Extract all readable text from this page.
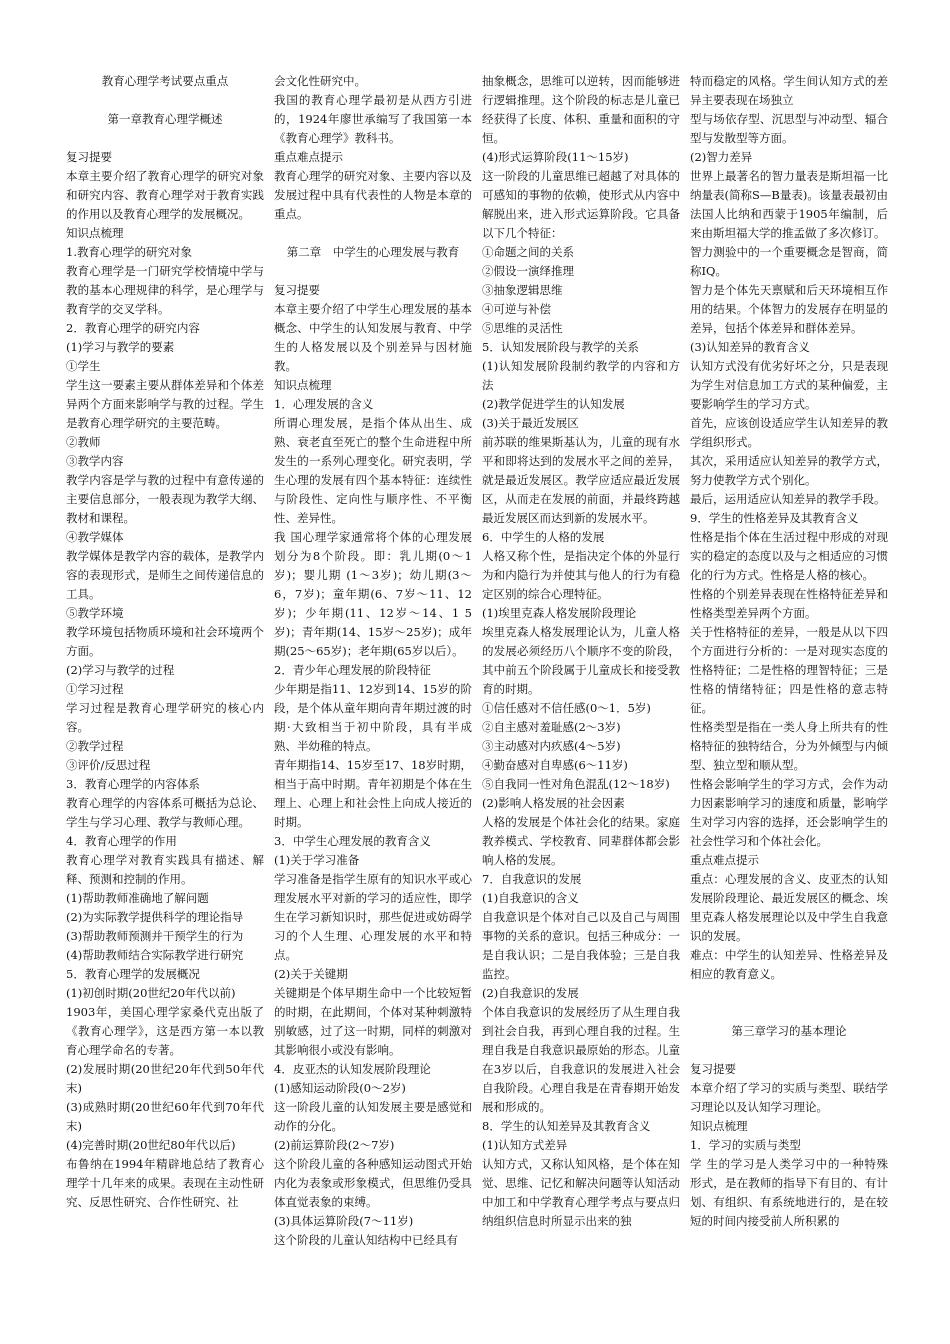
教育心理学考试要点重点

第一章教育心理学概述

复习提要

本章主要介绍了教育心理学的研究对象和研究内容、教育心理学对于教育实践的作用以及教育心理学的发展概况。

知识点梳理

1.教育心理学的研究对象

教育心理学是一门研究学校情境中学与教的基本心理规律的科学，是心理学与教育学的交叉学科。

2．教育心理学的研究内容

(1)学习与教学的要素

①学生

学生这一要素主要从群体差异和个体差异两个方面来影响学与教的过程。学生是教育心理学研究的主要范畴。

②教师

③教学内容

教学内容是学与教的过程中有意传递的主要信息部分，一般表现为教学大纲、教材和课程。

④教学媒体

教学媒体是教学内容的载体，是教学内容的表现形式，是师生之间传递信息的工具。

⑤教学环境

教学环境包括物质环境和社会环境两个方面。

(2)学习与教学的过程

①学习过程

学习过程是教育心理学研究的核心内容。

②教学过程

③评价/反思过程

3．教育心理学的内容体系

教育心理学的内容体系可概括为总论、学生与学习心理、教学与教师心理。

4．教育心理学的作用

教育心理学对教育实践具有描述、解释、预测和控制的作用。

(1)帮助教师准确地了解问题

(2)为实际教学提供科学的理论指导

(3)帮助教师预测并干预学生的行为

(4)帮助教师结合实际教学进行研究

5．教育心理学的发展概况

(1)初创时期(20世纪20年代以前)

1903年，美国心理学家桑代克出版了《教育心理学》，这是西方第一本以教育心理学命名的专著。

(2)发展时期(20世纪20年代到50年代末)

(3)成熟时期(20世纪60年代到70年代末)

(4)完善时期(20世纪80年代以后)

布鲁纳在1994年精辟地总结了教育心理学十几年来的成果。表现在主动性研究、反思性研究、合作性研究、社

会文化性研究中。

我国的教育心理学最初是从西方引进的，1924年廖世承编写了我国第一本《教育心理学》教科书。

重点难点提示

教育心理学的研究对象、主要内容以及发展过程中具有代表性的人物是本章的重点。

第二章　中学生的心理发展与教育

复习提要

本章主要介绍了中学生心理发展的基本概念、中学生的认知发展与教育、中学生的人格发展以及个别差异与因材施教。

知识点梳理

1．心理发展的含义

所谓心理发展，是指个体从出生、成熟、衰老直至死亡的整个生命进程中所发生的一系列心理变化。研究表明，学生心理的发展有四个基本特征：连续性与阶段性、定向性与顺序性、不平衡性、差异性。

我 国心理学家通常将个体的心理发展划分为8个阶段。即：乳儿期(0～1岁)；婴儿期 (1～3岁)；幼儿期(3～6，7岁)；童年期(6、7岁～11、12岁)；少年期(11、12岁～14、1 5岁)；青年期(14、15岁～25岁)；成年期(25～65岁)；老年期(65岁以后）。

2．青少年心理发展的阶段特征

少年期是指11、12岁到14、15岁的阶段，是个体从童年期向青年期过渡的时期·大致相当于初中阶段，具有半成熟、半幼稚的特点。

青年期指14、15岁至17、18岁时期，相当于高中时期。青年初期是个体在生理上、心理上和社会性上向成人接近的时期。

3．中学生心理发展的教育含义

(1)关于学习准备

学习准备是指学生原有的知识水平或心理发展水平对新的学习的适应性，即学生在学习新知识时，那些促进或妨碍学习的个人生理、心理发展的水平和特点。

(2)关于关键期

关键期是个体早期生命中一个比较短暂的时期，在此期间，个体对某种刺激特别敏感，过了这一时期，同样的刺激对其影响很小或没有影响。

4．皮亚杰的认知发展阶段理论

(1)感知运动阶段(0～2岁)

这一阶段儿童的认知发展主要是感觉和动作的分化。

(2)前运算阶段(2～7岁)

这个阶段儿童的各种感知运动图式开始内化为表象或形象模式，但思维仍受具体直觉表象的束缚。

(3)具体运算阶段(7～11岁)

这个阶段的儿童认知结构中已经具有

抽象概念，思维可以逆转，因而能够进行逻辑推理。这个阶段的标志是儿童已经获得了长度、体积、重量和面积的守恒。

(4)形式运算阶段(11～15岁)

这一阶段的儿童思维已超越了对具体的可感知的事物的依赖，使形式从内容中解脱出来，进入形式运算阶段。它具备以下几个特征：

①命题之间的关系

②假设一演绎推理

③抽象逻辑思维

④可逆与补偿

⑤思维的灵活性

5．认知发展阶段与教学的关系

(1)认知发展阶段制约教学的内容和方法

(2)教学促进学生的认知发展

(3)关于最近发展区

前苏联的维果斯基认为，儿童的现有水平和即将达到的发展水平之间的差异，就是最近发展区。教学应适应最近发展区，从而走在发展的前面，并最终跨越最近发展区而达到新的发展水平。

6．中学生的人格的发展

人格又称个性，是指决定个体的外显行为和内隐行为并使其与他人的行为有稳定区别的综合心理特征。

(1)埃里克森人格发展阶段理论

埃里克森人格发展理论认为，儿童人格的发展必须经历八个顺序不变的阶段，其中前五个阶段属于儿童成长和接受教育的时期。

①信任感对不信任感(0～1．5岁)

②自主感对羞耻感(2～3岁)

③主动感对内疚感(4～5岁)

④勤奋感对自卑感(6～11岁)

⑤自我同一性对角色混乱(12～18岁)

(2)影响人格发展的社会因素

人格的发展是个体社会化的结果。家庭教养模式、学校教育、同辈群体都会影响人格的发展。

7．自我意识的发展

(1)自我意识的含义

自我意识是个体对自己以及自己与周围事物的关系的意识。包括三种成分：一是自我认识；二是自我体验；三是自我监控。

(2)自我意识的发展

个体自我意识的发展经历了从生理自我到社会自我，再到心理自我的过程。生理自我是自我意识最原始的形态。儿童在3岁以后，自我意识的发展进入社会自我阶段。心理自我是在青春期开始发展和形成的。

8．学生的认知差异及其教育含义

(1)认知方式差异

认知方式，又称认知风格，是个体在知觉、思维、记忆和解决问题等认知活动中加工和中学教育心理学考点与要点归纳组织信息时所显示出来的独

特而稳定的风格。学生间认知方式的差异主要表现在场独立

型与场依存型、沉思型与冲动型、辐合型与发散型等方面。

(2)智力差异

世界上最著名的智力量表是斯坦福一比纳量表(简称S—B量表)。该量表最初由法国人比纳和西蒙于1905年编制，后来由斯坦福大学的推孟做了多次修订。

智力测验中的一个重要概念是智商，简称IQ。

智力是个体先天禀赋和后天环境相互作用的结果。个体智力的发展存在明显的差异，包括个体差异和群体差异。

(3)认知差异的教育含义

认知方式没有优劣好坏之分，只是表现为学生对信息加工方式的某种偏爱，主要影响学生的学习方式。

首先，应该创设适应学生认知差异的教学组织形式。

其次，采用适应认知差异的教学方式，努力使教学方式个别化。

最后，运用适应认知差异的教学手段。

9．学生的性格差异及其教育含义

性格是指个体在生活过程中形成的对现实的稳定的态度以及与之相适应的习惯化的行为方式。性格是人格的核心。

性格的个别差异表现在性格特征差异和性格类型差异两个方面。

关于性格特征的差异，一般是从以下四个方面进行分析的：一是对现实态度的性格特征；二是性格的理智特征；三是性格的情绪特征；四是性格的意志特征。

性格类型是指在一类人身上所共有的性格特征的独特结合，分为外倾型与内倾型、独立型和顺从型。

性格会影响学生的学习方式，会作为动力因素影响学习的速度和质量，影响学生对学习内容的选择，还会影响学生的社会性学习和个体社会化。

重点难点提示

重点：心理发展的含义、皮亚杰的认知发展阶段理论、最近发展区的概念、埃里克森人格发展理论以及中学生自我意识的发展。

难点：中学生的认知差异、性格差异及相应的教育意义。

第三章学习的基本理论

复习提要

本章介绍了学习的实质与类型、联结学习理论以及认知学习理论。

知识点梳理

1．学习的实质与类型

学 生的学习是人类学习中的一种特殊形式，是在教师的指导下有目的、有计划、有组织、有系统地进行的，是在较短的时间内接受前人所积累的
